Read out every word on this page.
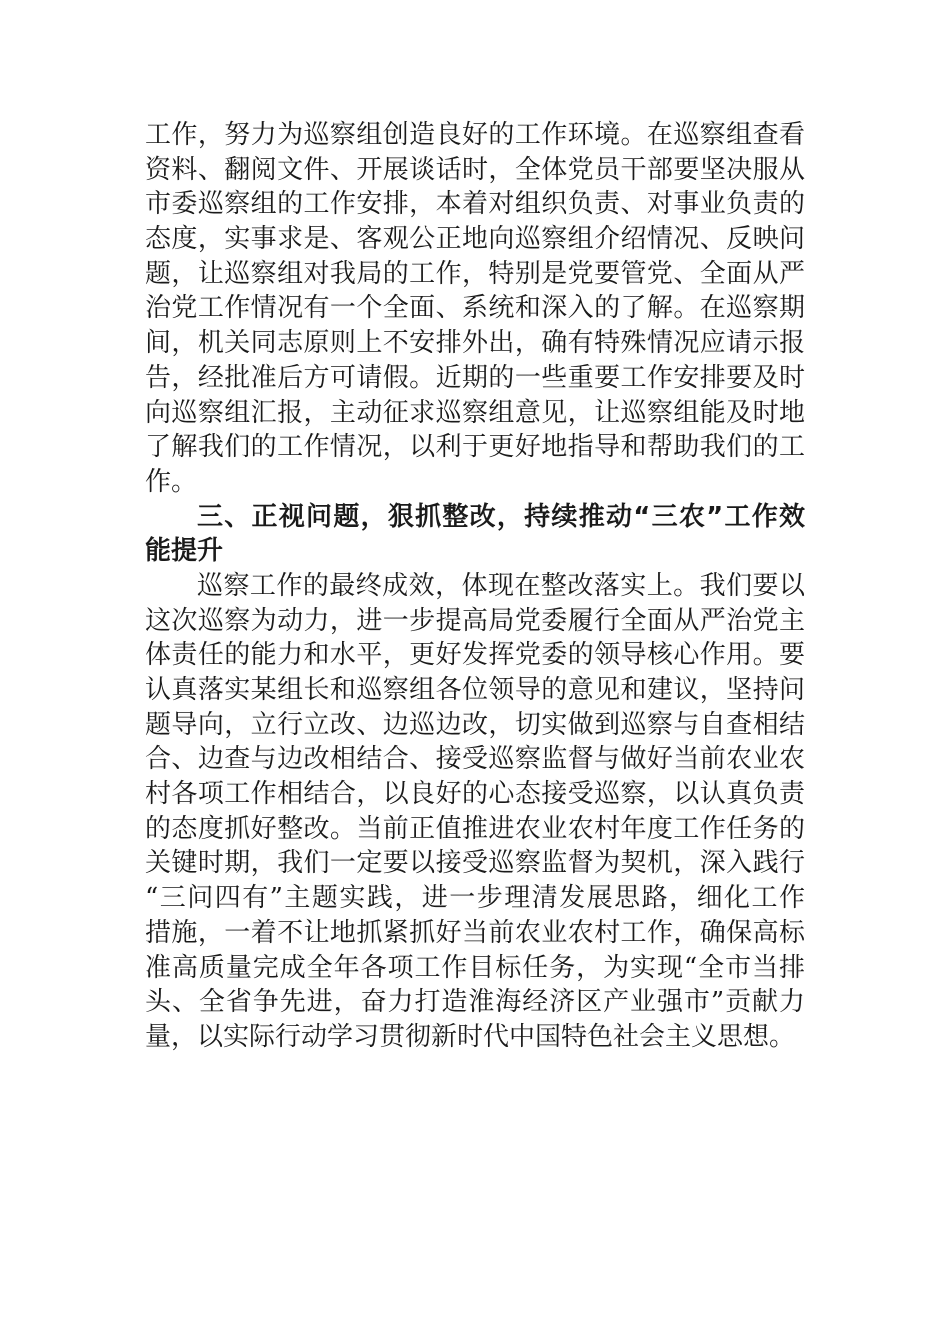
工作，努力为巡察组创造良好的工作环境。在巡察组查看
资料、翻阅文件、开展谈话时，全体党员干部要坚决服从
市委巡察组的工作安排，本着对组织负责、对事业负责的
态度，实事求是、客观公正地向巡察组介绍情况、反映问
题，让巡察组对我局的工作，特别是党要管党、全面从严
治党工作情况有一个全面、系统和深入的了解。在巡察期
间，机关同志原则上不安排外出，确有特殊情况应请示报
告，经批准后方可请假。近期的一些重要工作安排要及时
向巡察组汇报，主动征求巡察组意见，让巡察组能及时地
了解我们的工作情况，以利于更好地指导和帮助我们的工
作。
三、正视问题，狠抓整改，持续推动“三农”工作效
能提升
巡察工作的最终成效，体现在整改落实上。我们要以
这次巡察为动力，进一步提高局党委履行全面从严治党主
体责任的能力和水平，更好发挥党委的领导核心作用。要
认真落实某组长和巡察组各位领导的意见和建议，坚持问
题导向，立行立改、边巡边改，切实做到巡察与自查相结
合、边查与边改相结合、接受巡察监督与做好当前农业农
村各项工作相结合，以良好的心态接受巡察，以认真负责
的态度抓好整改。当前正值推进农业农村年度工作任务的
关键时期，我们一定要以接受巡察监督为契机，深入践行
“三问四有”主题实践，进一步理清发展思路，细化工作
措施，一着不让地抓紧抓好当前农业农村工作，确保高标
准高质量完成全年各项工作目标任务，为实现“全市当排
头、全省争先进，奋力打造淮海经济区产业强市”贡献力
量，以实际行动学习贯彻新时代中国特色社会主义思想。
